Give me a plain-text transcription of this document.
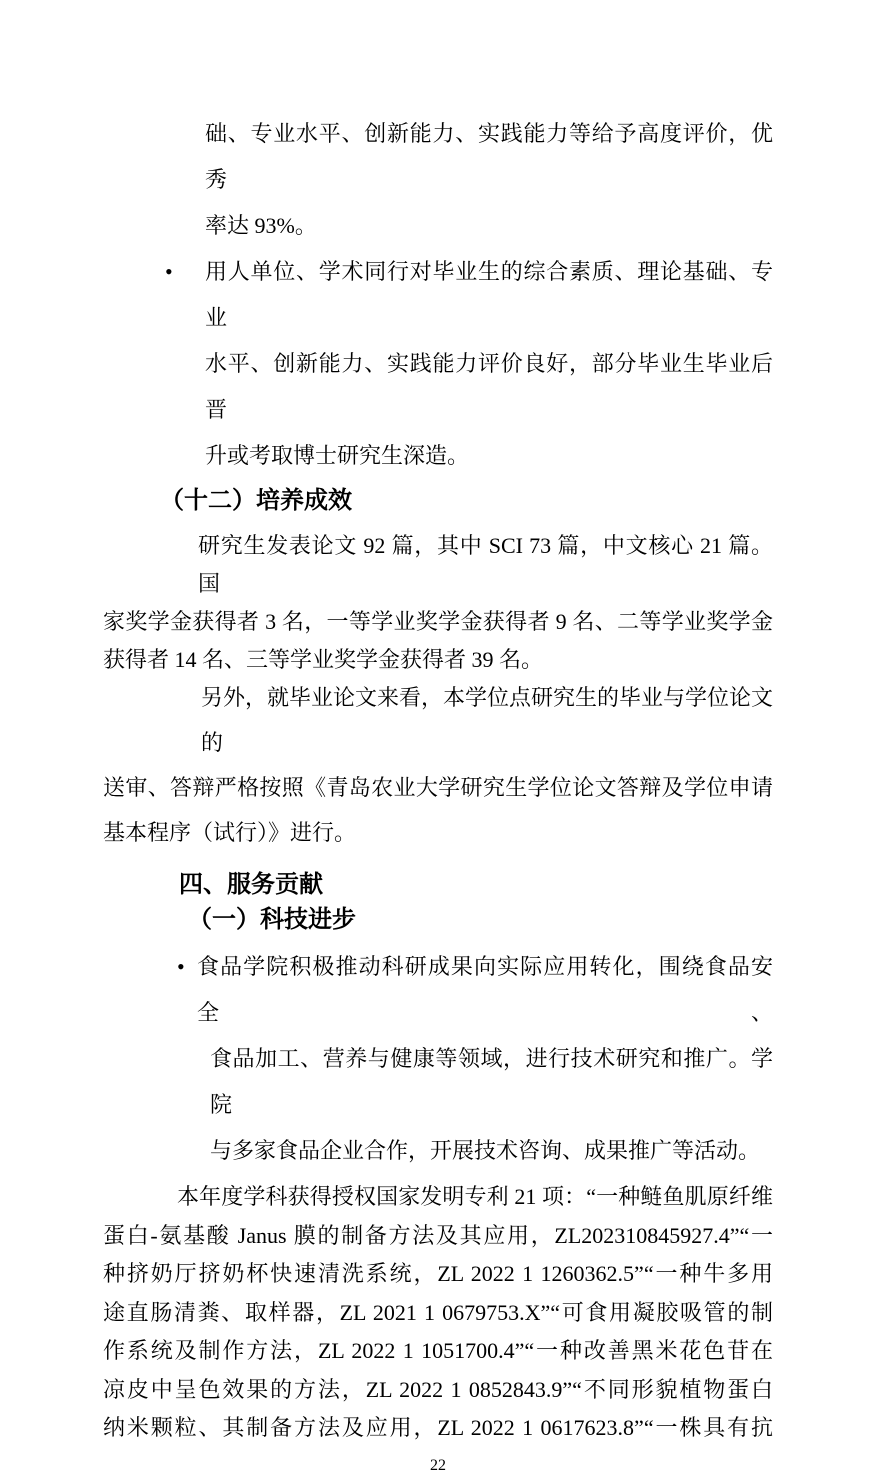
础、专业水平、创新能力、实践能力等给予高度评价，优秀
率达 93%。
•	用人单位、学术同行对毕业生的综合素质、理论基础、专业
水平、创新能力、实践能力评价良好，部分毕业生毕业后晋
升或考取博士研究生深造。
（十二）培养成效
研究生发表论文 92 篇，其中 SCI 73 篇，中文核心 21 篇。国
家奖学金获得者 3 名，一等学业奖学金获得者 9 名、二等学业奖学金
获得者 14 名、三等学业奖学金获得者 39 名。
另外，就毕业论文来看，本学位点研究生的毕业与学位论文的
送审、答辩严格按照《青岛农业大学研究生学位论文答辩及学位申请
基本程序（试行）》进行。
四、服务贡献
（一）科技进步
• 食品学院积极推动科研成果向实际应用转化，围绕食品安全、
食品加工、营养与健康等领域，进行技术研究和推广。学院
与多家食品企业合作，开展技术咨询、成果推广等活动。
本年度学科获得授权国家发明专利 21 项：“一种鲢鱼肌原纤维
蛋白-氨基酸 Janus 膜的制备方法及其应用，ZL202310845927.4”“一
种挤奶厅挤奶杯快速清洗系统，ZL 2022 1 1260362.5”“一种牛多用
途直肠清粪、取样器，ZL 2021 1 0679753.X”“可食用凝胶吸管的制
作系统及制作方法，ZL 2022 1 1051700.4”“一种改善黑米花色苷在
凉皮中呈色效果的方法，ZL 2022 1 0852843.9”“不同形貌植物蛋白
纳米颗粒、其制备方法及应用，ZL 2022 1 0617623.8”“一株具有抗
22
